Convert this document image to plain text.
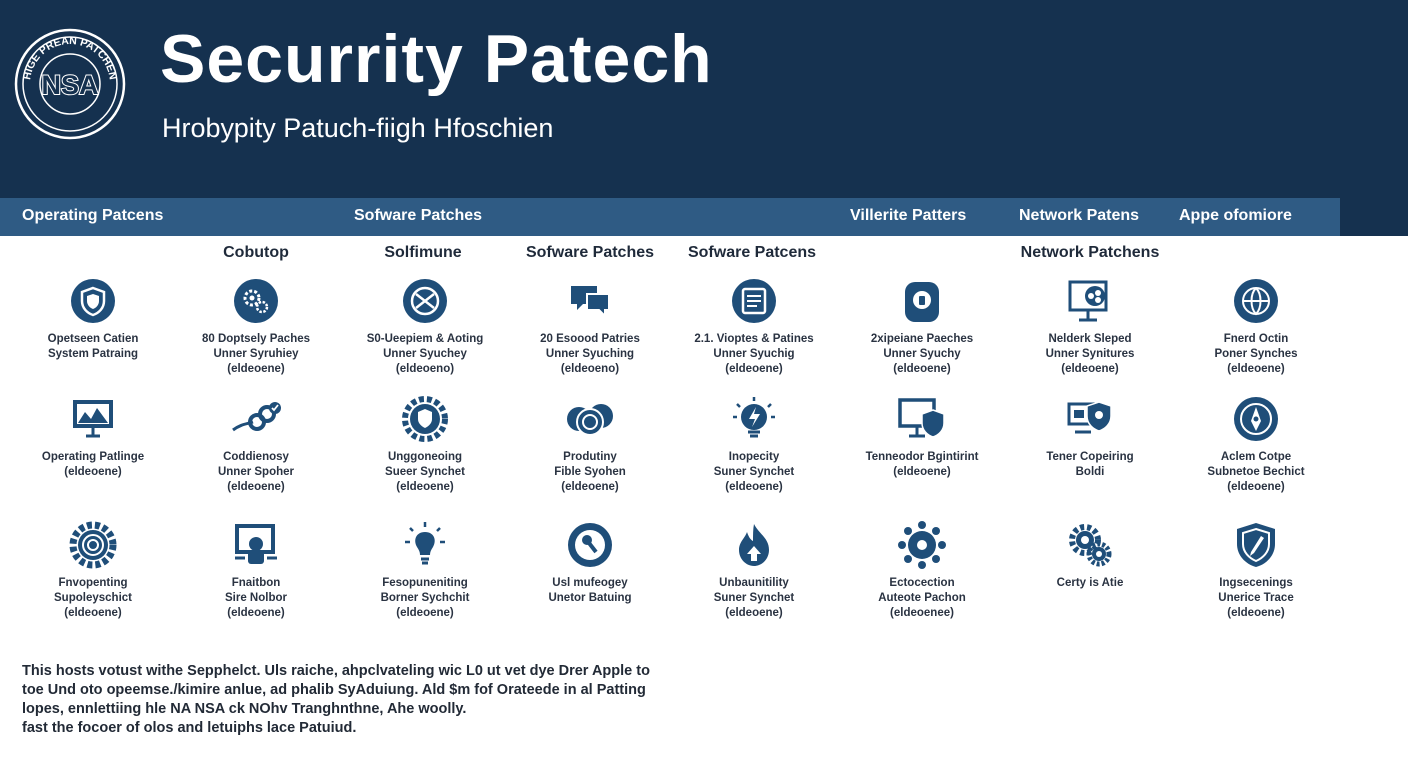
HIGE PREAN PATCHEN
NSA Securrity Patech
Hrobурity Patuch-fiigh Hfoschien
Operating Patcens	Sofware Patches	Villerite Patters	Network Patens Appe ofomiore
Cobutop	Solfimune	Sofware Patches Sofware Patcens	Network Patchens
Opetseen Catien
System Patraing
80 Doptsely Paches
Unner Syruhiey
(eldeoene)
S0-Ueepiem & Aoting
Unner Syuchey
(eldeoeno)
20 Esoood Patries
Unner Syuching
(eldeoeno)
2.1. Vioptes & Patines
Unner Syuchig
(eldeoene)
2xipeiane Paeches
Unner Syuchy
(eldeoene)
Nelderk Sleped
Unner Synitures
(eldeoene)
Fnerd Octin
Poner Synches
(eldeoene)
Operating Patlinge
(eldeoene)
Coddienosy
Unner Spoher
(eldeoene)
Unggoneoing
Sueer Synchet
(eldeoene)
Produtiny
Fible Syohen
(eldeoene)
Inopecity
Suner Synchet
(eldeoene)
Tenneodor Bgintirint
(eldeoene)
Tener Copeiring
Boldi
Aclem Cotpe
Subnetoe Bechict
(eldeoene)
Fnvopenting
Supoleyschict
(eldeoene)
Fnaitbon
Sire Nolbor
(eldeoene)
Fesopuneniting
Borner Sychchit
(eldeoene)
Usl mufeogey
Unetor Batuing
Unbaunitility
Suner Synchet
(eldeoene)
Ectocection
Auteote Pachon
(eldeoenee)
Certy is Atie	Ingsecenings
Unerice Trace
(eldeoene)
This hosts votust withe Sepphelct. Uls raiche, ahpclvateling wic L0 ut vet dye Drer Apple to
toe Und oto opeemse./kimire anlue, ad phalib SyAduiung. Ald $m fof Orateede in al Patting
lopes, ennlettiing hle NA NSA ck NOhv Tranghnthne, Ahe woolly.
fast the focoer of olos and letuiphs lace Patuiud.
